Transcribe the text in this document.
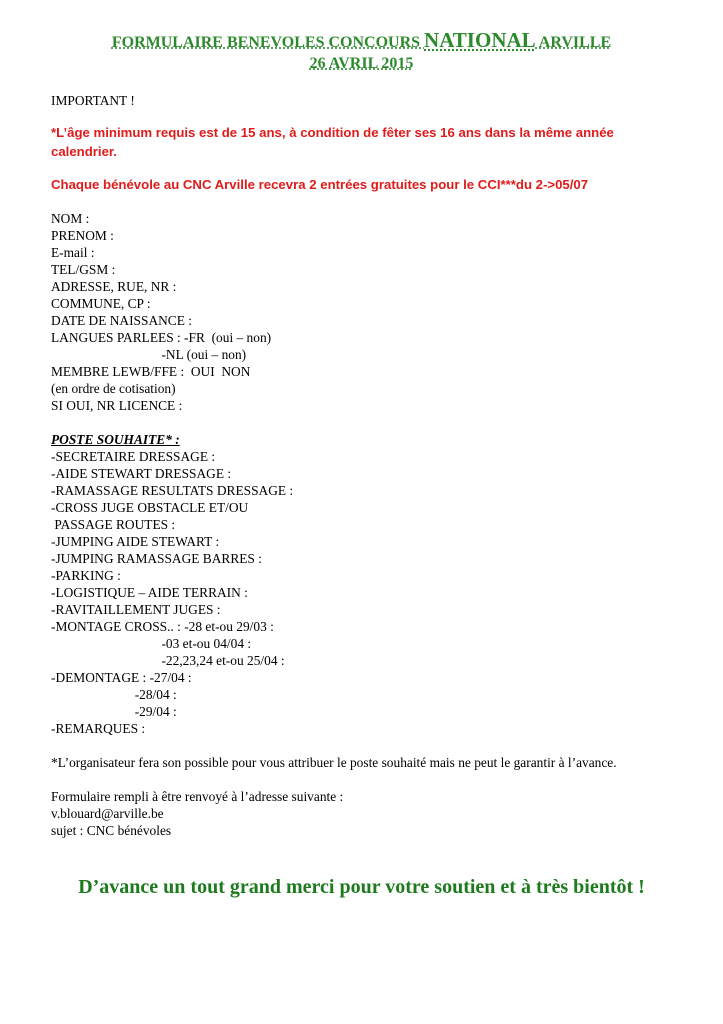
FORMULAIRE BENEVOLES CONCOURS NATIONAL ARVILLE
26 AVRIL 2015
IMPORTANT !
*L’âge minimum requis est de 15 ans, à condition de fêter ses 16 ans dans la même année calendrier.
Chaque bénévole au CNC Arville recevra 2 entrées gratuites pour le CCI***du 2->05/07
NOM :
PRENOM :
E-mail :
TEL/GSM :
ADRESSE, RUE, NR :
COMMUNE, CP :
DATE DE NAISSANCE :
LANGUES PARLEES : -FR  (oui – non)
-NL (oui – non)
MEMBRE LEWB/FFE :  OUI  NON
(en ordre de cotisation)
SI OUI, NR LICENCE :
POSTE SOUHAITE* :
-SECRETAIRE DRESSAGE :
-AIDE STEWART DRESSAGE :
-RAMASSAGE RESULTATS DRESSAGE :
-CROSS JUGE OBSTACLE ET/OU
PASSAGE ROUTES :
-JUMPING AIDE STEWART :
-JUMPING RAMASSAGE BARRES :
-PARKING :
-LOGISTIQUE – AIDE TERRAIN :
-RAVITAILLEMENT JUGES :
-MONTAGE CROSS.. : -28 et-ou 29/03 :
-03 et-ou 04/04 :
-22,23,24 et-ou 25/04 :
-DEMONTAGE : -27/04 :
-28/04 :
-29/04 :
-REMARQUES :
*L’organisateur fera son possible pour vous attribuer le poste souhaité mais ne peut le garantir à l’avance.
Formulaire rempli à être renvoyé à l’adresse suivante :
v.blouard@arville.be
sujet : CNC bénévoles
D’avance un tout grand merci pour votre soutien et à très bientôt !
